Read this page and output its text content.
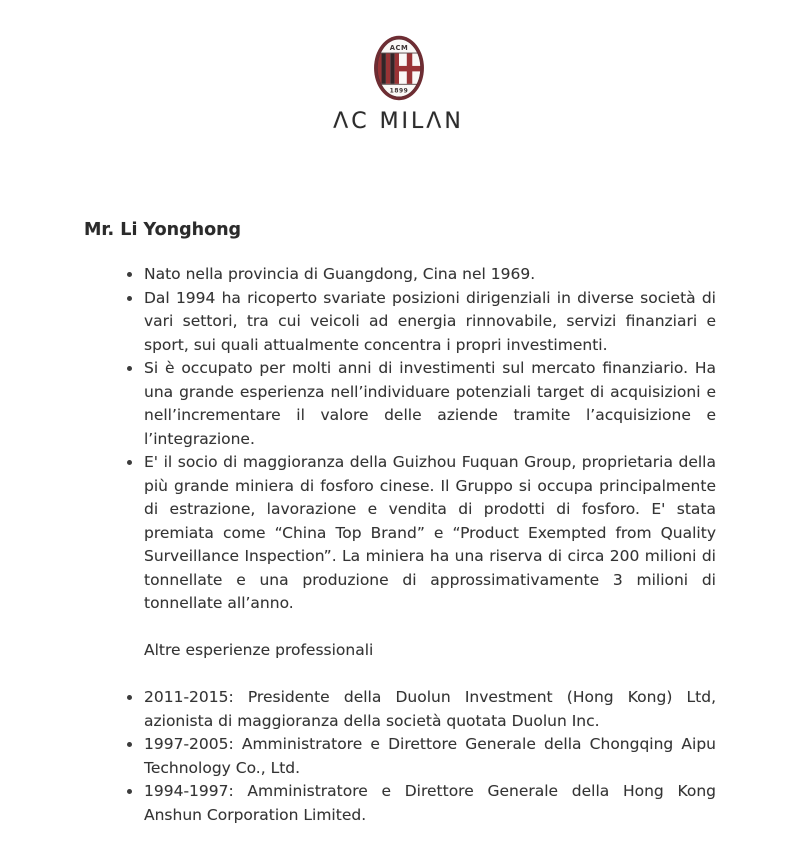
ACM
1899
ΛC MILΛN
Mr. Li Yonghong
Nato nella provincia di Guangdong, Cina nel 1969.
Dal 1994 ha ricoperto svariate posizioni dirigenziali in diverse società di vari settori, tra cui veicoli ad energia rinnovabile, servizi finanziari e sport, sui quali attualmente concentra i propri investimenti.
Si è occupato per molti anni di investimenti sul mercato finanziario. Ha una grande esperienza nell’individuare potenziali target di acquisizioni e nell’incrementare il valore delle aziende tramite l’acquisizione e l’integrazione.
E' il socio di maggioranza della Guizhou Fuquan Group, proprietaria della più grande miniera di fosforo cinese. Il Gruppo si occupa principalmente di estrazione, lavorazione e vendita di prodotti di fosforo. E' stata premiata come “China Top Brand” e “Product Exempted from Quality Surveillance Inspection”. La miniera ha una riserva di circa 200 milioni di tonnellate e una produzione di approssimativamente 3 milioni di tonnellate all’anno.

Altre esperienze professionali

2011-2015: Presidente della Duolun Investment (Hong Kong) Ltd, azionista di maggioranza della società quotata Duolun Inc.
1997-2005: Amministratore e Direttore Generale della Chongqing Aipu Technology Co., Ltd.
1994-1997: Amministratore e Direttore Generale della Hong Kong Anshun Corporation Limited.
